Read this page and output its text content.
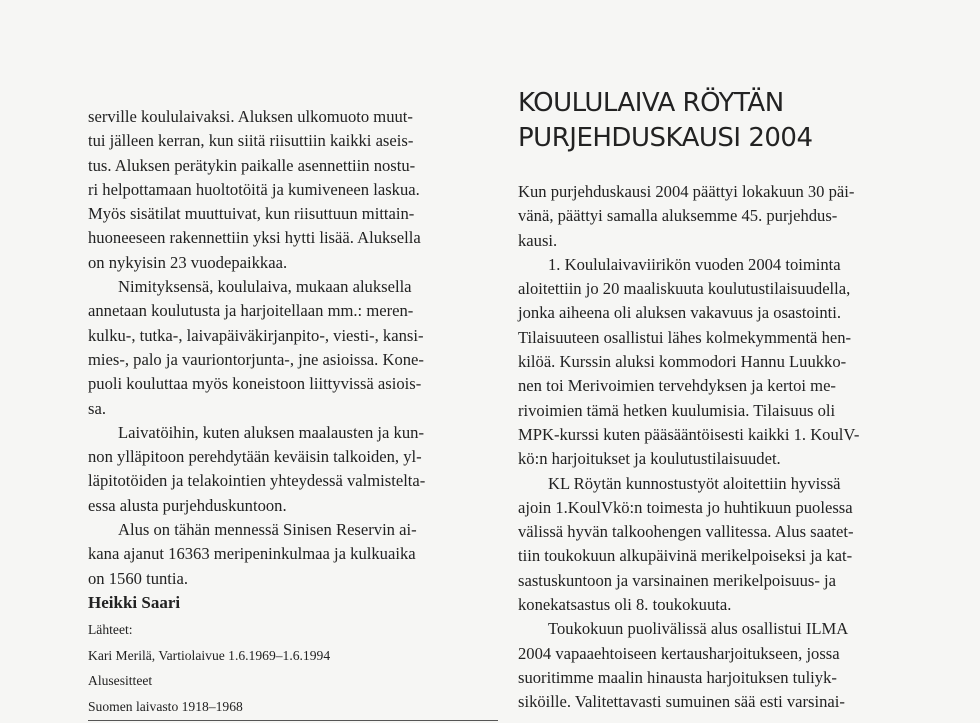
serville koululaivaksi. Aluksen ulkomuoto muut-
tui jälleen kerran, kun siitä riisuttiin kaikki aseis-
tus. Aluksen perätykin paikalle asennettiin nostu-
ri helpottamaan huoltotöitä ja kumiveneen laskua.
Myös sisätilat muuttuivat, kun riisuttuun mittain-
huoneeseen rakennettiin yksi hytti lisää. Aluksella
on nykyisin 23 vuodepaikkaa.
Nimityksensä, koululaiva, mukaan aluksella
annetaan koulutusta ja harjoitellaan mm.: meren-
kulku-, tutka-, laivapäiväkirjanpito-, viesti-, kansi-
mies-, palo ja vauriontorjunta-, jne asioissa. Kone-
puoli kouluttaa myös koneistoon liittyvissä asiois-
sa.
Laivatöihin, kuten aluksen maalausten ja kun-
non ylläpitoon perehdytään keväisin talkoiden, yl-
läpitotöiden ja telakointien yhteydessä valmistelta-
essa alusta purjehduskuntoon.
Alus on tähän mennessä Sinisen Reservin ai-
kana ajanut 16363 meripeninkulmaa ja kulkuaika
on 1560 tuntia.
Heikki Saari
Lähteet:
Kari Merilä, Vartiolaivue 1.6.1969–1.6.1994
Alusesitteet
Suomen laivasto 1918–1968
KOULULAIVA RÖYTÄN
PURJEHDUSKAUSI 2004
Kun purjehduskausi 2004 päättyi lokakuun 30 päi-
vänä, päättyi samalla aluksemme 45. purjehdus-
kausi.
1. Koululaivaviirikön vuoden 2004 toiminta
aloitettiin jo 20 maaliskuuta koulutustilaisuudella,
jonka aiheena oli aluksen vakavuus ja osastointi.
Tilaisuuteen osallistui lähes kolmekymmentä hen-
kilöä. Kurssin aluksi kommodori Hannu Luukko-
nen toi Merivoimien tervehdyksen ja kertoi me-
rivoimien tämä hetken kuulumisia. Tilaisuus oli
MPK-kurssi kuten pääsääntöisesti kaikki 1. KoulV-
kö:n harjoitukset ja koulutustilaisuudet.
KL Röytän kunnostustyöt aloitettiin hyvissä
ajoin 1.KoulVkö:n toimesta jo huhtikuun puolessa
välissä hyvän talkoohengen vallitessa. Alus saatet-
tiin toukokuun alkupäivinä merikelpoiseksi ja kat-
sastuskuntoon ja varsinainen merikelpoisuus- ja
konekatsastus oli 8. toukokuuta.
Toukokuun puolivälissä alus osallistui ILMA
2004 vapaaehtoiseen kertausharjoitukseen, jossa
suoritimme maalin hinausta harjoituksen tuliyk-
siköille. Valitettavasti sumuinen sää esti varsinai-
